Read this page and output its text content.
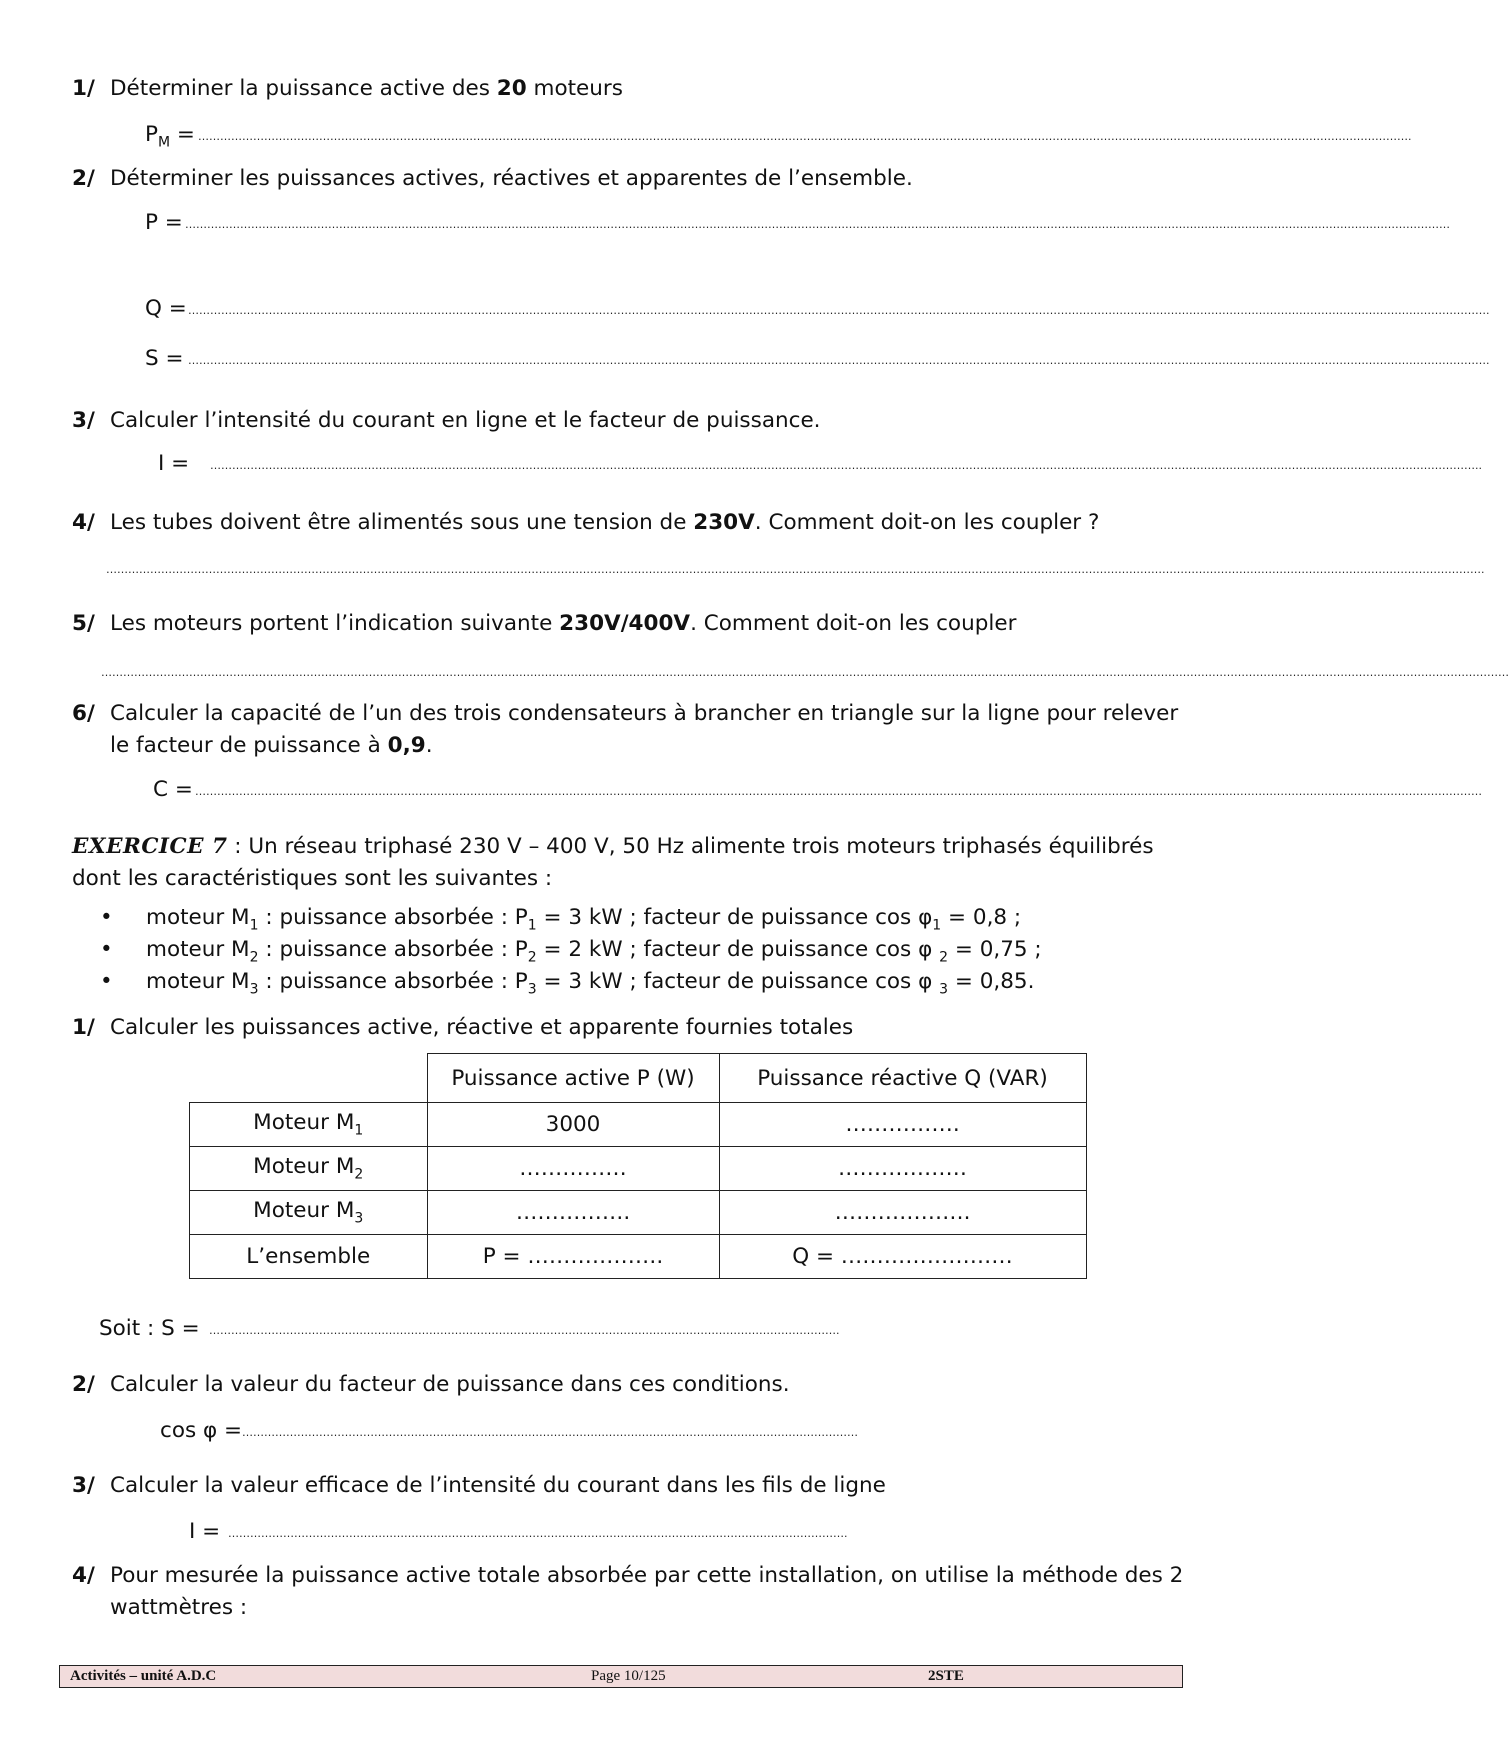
1/ Déterminer la puissance active des 20 moteurs
$P_M$ = …………………………………………………………………………………………………………………………………………………………………………………………………………………………………………………………………………………………………….
2/ Déterminer les puissances actives, réactives et apparentes de l’ensemble.
P = …………………………………………………………………………………………………………………………………………………………………………………………………………………………………………………………………………………………………………………
Q = ………………………………………………………………………………………………………………………………………………………………………………………………………………………………………………………………………………………………………………………….
S = ………………………………………………………………………………………………………………………………………………………………………………………………………………………………………………………………………………………………………………………….
3/ Calculer l’intensité du courant en ligne et le facteur de puissance.
I = …………………………………………………………………………………………………………………………………………………………………………………………………………………………………………………………………………………………………………………..
4/ Les tubes doivent être alimentés sous une tension de 230V. Comment doit-on les coupler ?
…………………………………………………………………………………………………………………………………………………………………………………………………………………………………………………………………………………………………………………………………………….
5/ Les moteurs portent l’indication suivante 230V/400V. Comment doit-on les coupler
……………………………………………………………………………………………………………………………………………………………………………………………………………………………………………………………………………………………………………………………………………………
6/ Calculer la capacité de l’un des trois condensateurs à brancher en triangle sur la ligne pour relever
le facteur de puissance à 0,9.
C = ………………………………………………………………………………………………………………………………………………………………………………………………………………………………………………………………………………………………………………………
EXERCICE 7 : Un réseau triphasé 230 V – 400 V, 50 Hz alimente trois moteurs triphasés équilibrés
dont les caractéristiques sont les suivantes :
• moteur $M_1$ : puissance absorbée : $P_1 = 3$ kW ; facteur de puissance $\cos \varphi_1 = 0,8$ ;
• moteur $M_2$ : puissance absorbée : $P_2 = 2$ kW ; facteur de puissance cos φ $_2$ = 0,75 ;
• moteur $M_3$ : puissance absorbée : $P_3 = 3$ kW ; facteur de puissance cos φ $_3$ = 0,85.
1/ Calculer les puissances active, réactive et apparente fournies totales
	Puissance active P (W)	Puissance réactive Q (VAR)
Moteur $M_1$	3000	…………….
Moteur $M_2$	……………	………………
Moteur $M_3$	…………….	……………….
L’ensemble	P = ……………….	Q = ……………………
Soit : S = ……………………………………………………………………………………………………………………………………………………….
2/ Calculer la valeur du facteur de puissance dans ces conditions.
cos φ = ……………………………………………………………………………………………………………………………………………………
3/ Calculer la valeur efficace de l’intensité du courant dans les fils de ligne
I = …………………………………………………………………………………………………………………………………………………….
4/ Pour mesurée la puissance active totale absorbée par cette installation, on utilise la méthode des 2
wattmètres :
Activités – unité A.D.C	Page 10/125	2STE
